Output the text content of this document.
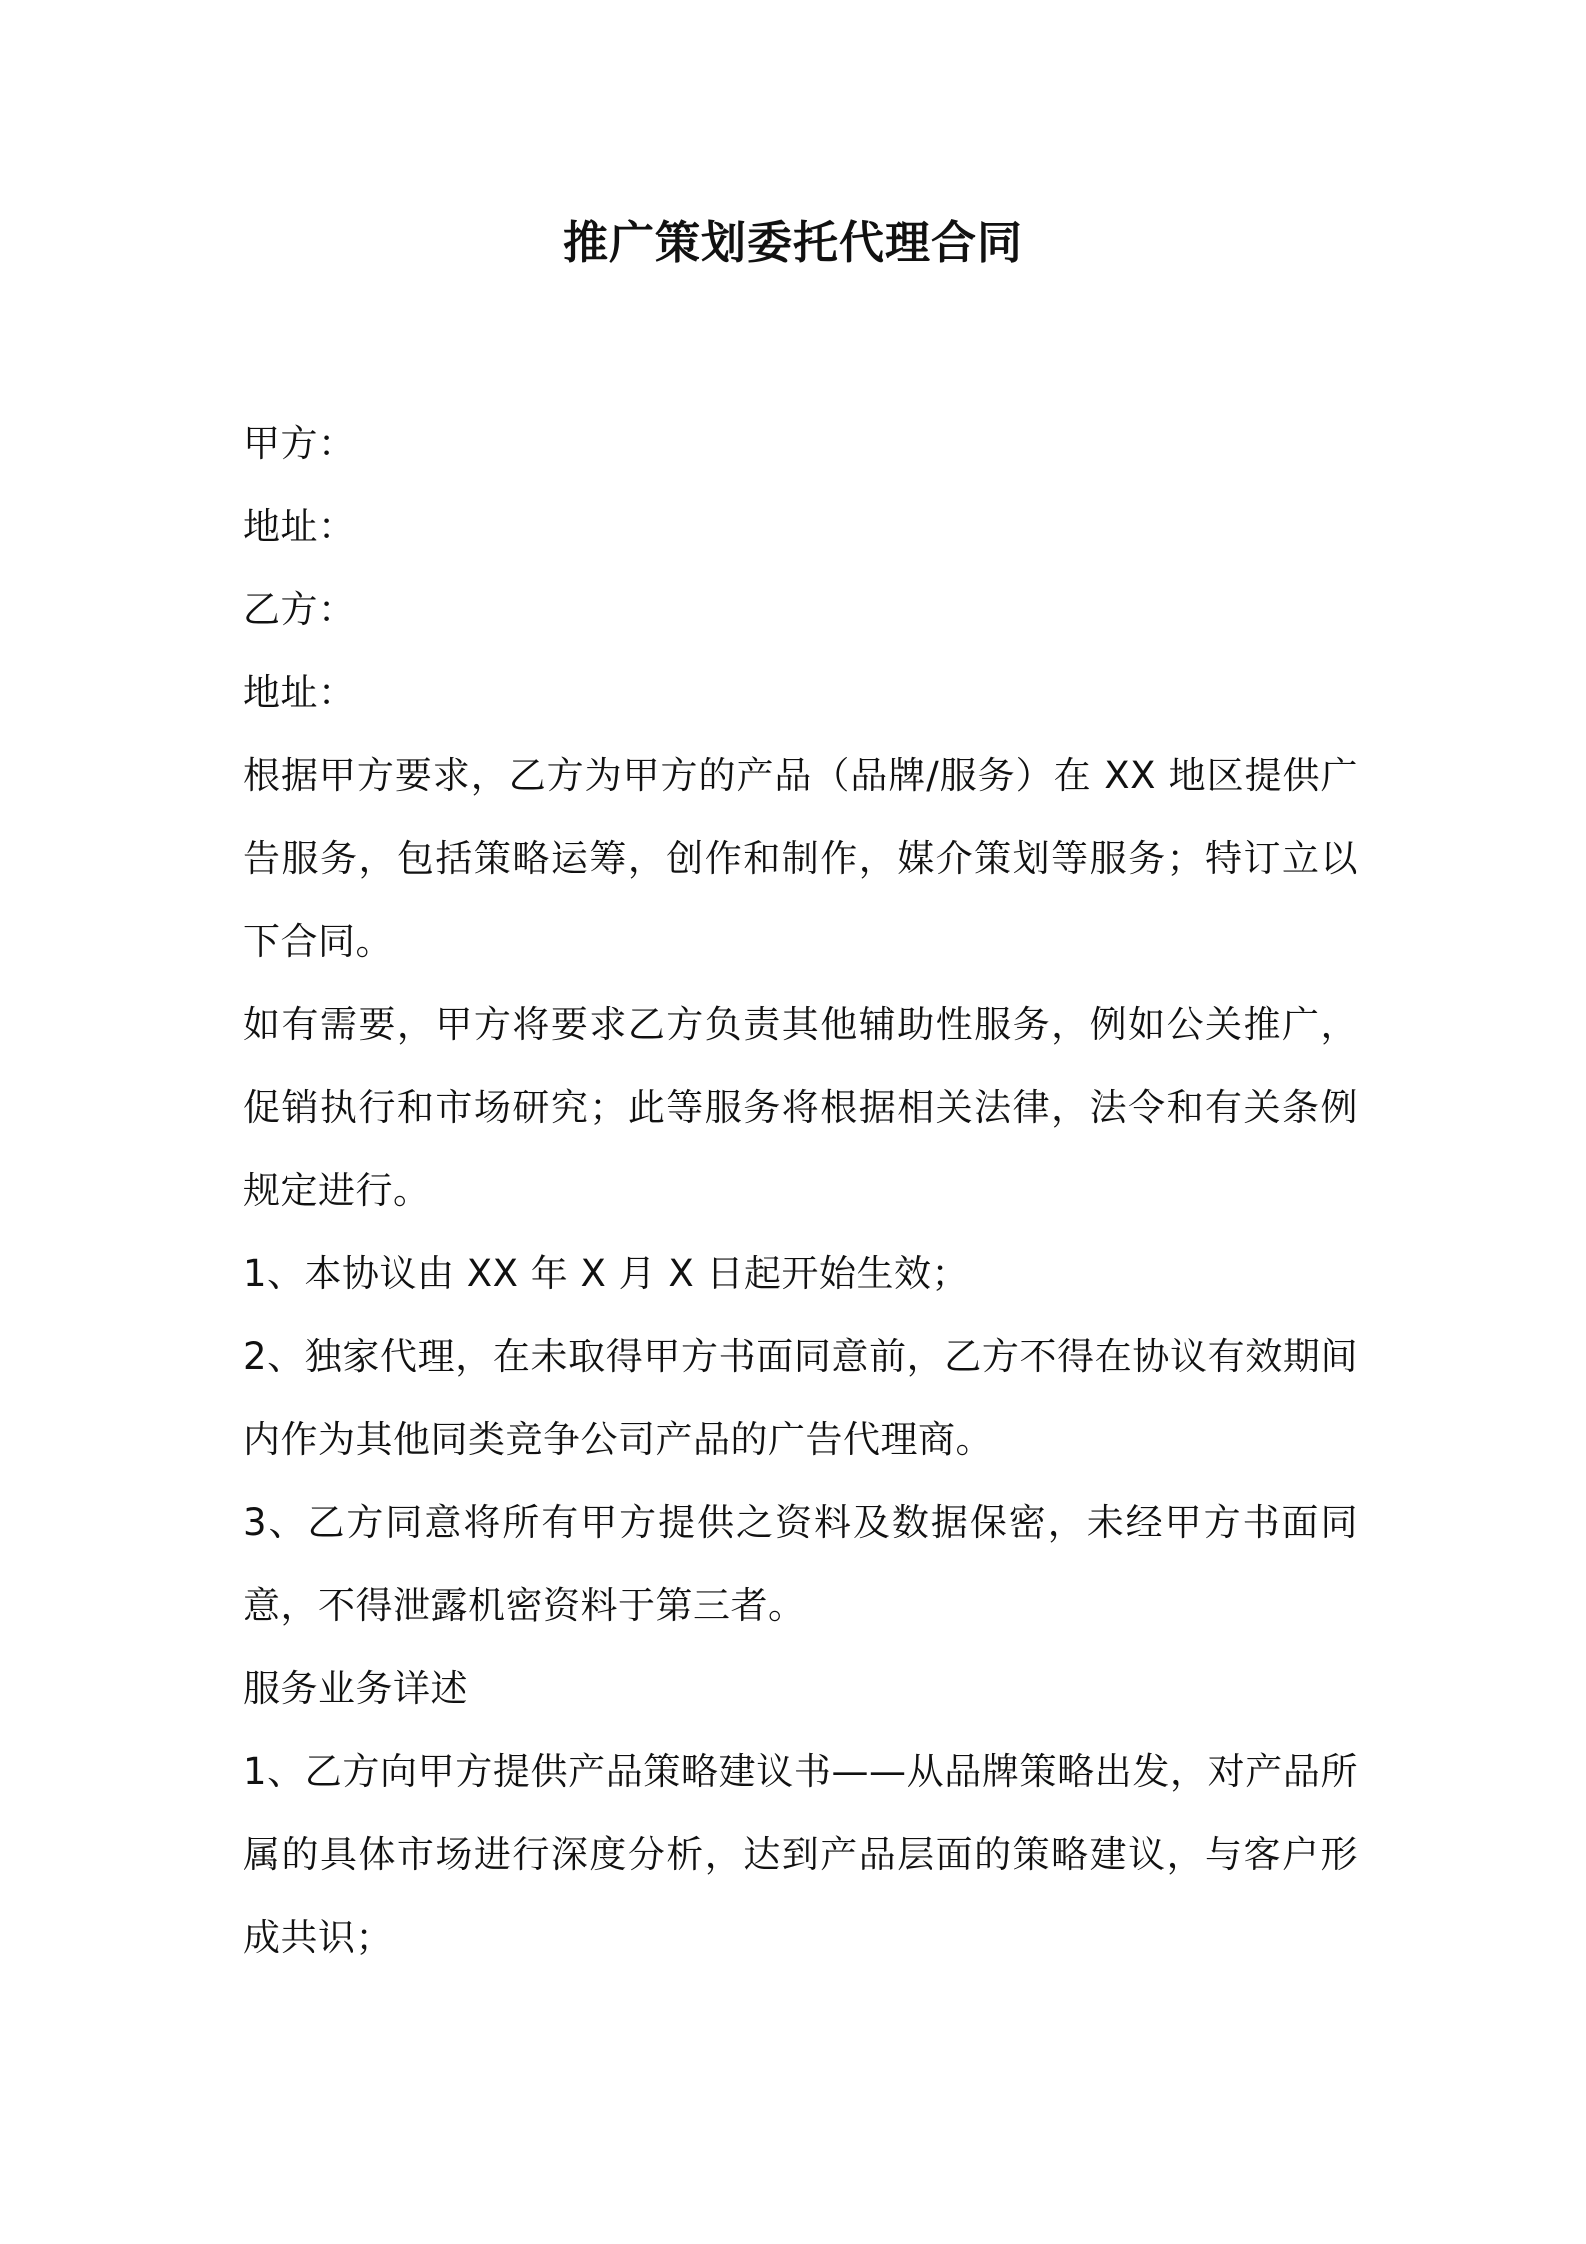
推广策划委托代理合同
甲方：
地址：
乙方：
地址：
根据甲方要求，乙方为甲方的产品（品牌/服务）在 XX 地区提供广告服务，包括策略运筹，创作和制作，媒介策划等服务；特订立以下合同。
如有需要，甲方将要求乙方负责其他辅助性服务，例如公关推广，促销执行和市场研究；此等服务将根据相关法律，法令和有关条例规定进行。
1、本协议由 XX 年 X 月 X 日起开始生效；
2、独家代理，在未取得甲方书面同意前，乙方不得在协议有效期间内作为其他同类竞争公司产品的广告代理商。
3、乙方同意将所有甲方提供之资料及数据保密，未经甲方书面同意，不得泄露机密资料于第三者。
服务业务详述
1、乙方向甲方提供产品策略建议书——从品牌策略出发，对产品所属的具体市场进行深度分析，达到产品层面的策略建议，与客户形成共识；
